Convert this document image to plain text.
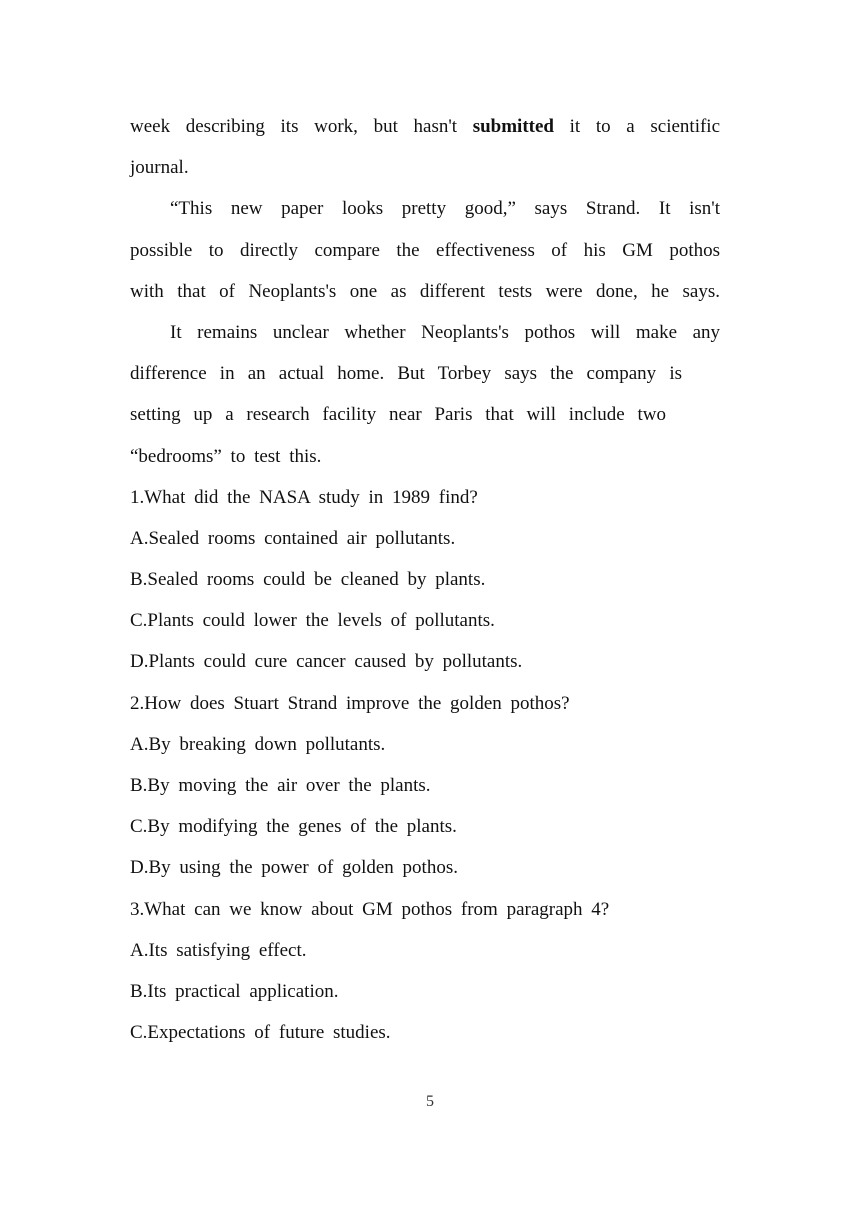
week describing its work, but hasn't submitted it to a scientific
journal.
“This new paper looks pretty good,” says Strand. It isn't
possible to directly compare the effectiveness of his GM pothos
with that of Neoplants's one as different tests were done, he says.
It remains unclear whether Neoplants's pothos will make any
difference in an actual home. But Torbey says the company is
setting up a research facility near Paris that will include two
“bedrooms” to test this.
1.What did the NASA study in 1989 find?
A.Sealed rooms contained air pollutants.
B.Sealed rooms could be cleaned by plants.
C.Plants could lower the levels of pollutants.
D.Plants could cure cancer caused by pollutants.
2.How does Stuart Strand improve the golden pothos?
A.By breaking down pollutants.
B.By moving the air over the plants.
C.By modifying the genes of the plants.
D.By using the power of golden pothos.
3.What can we know about GM pothos from paragraph 4?
A.Its satisfying effect.
B.Its practical application.
C.Expectations of future studies.
5
